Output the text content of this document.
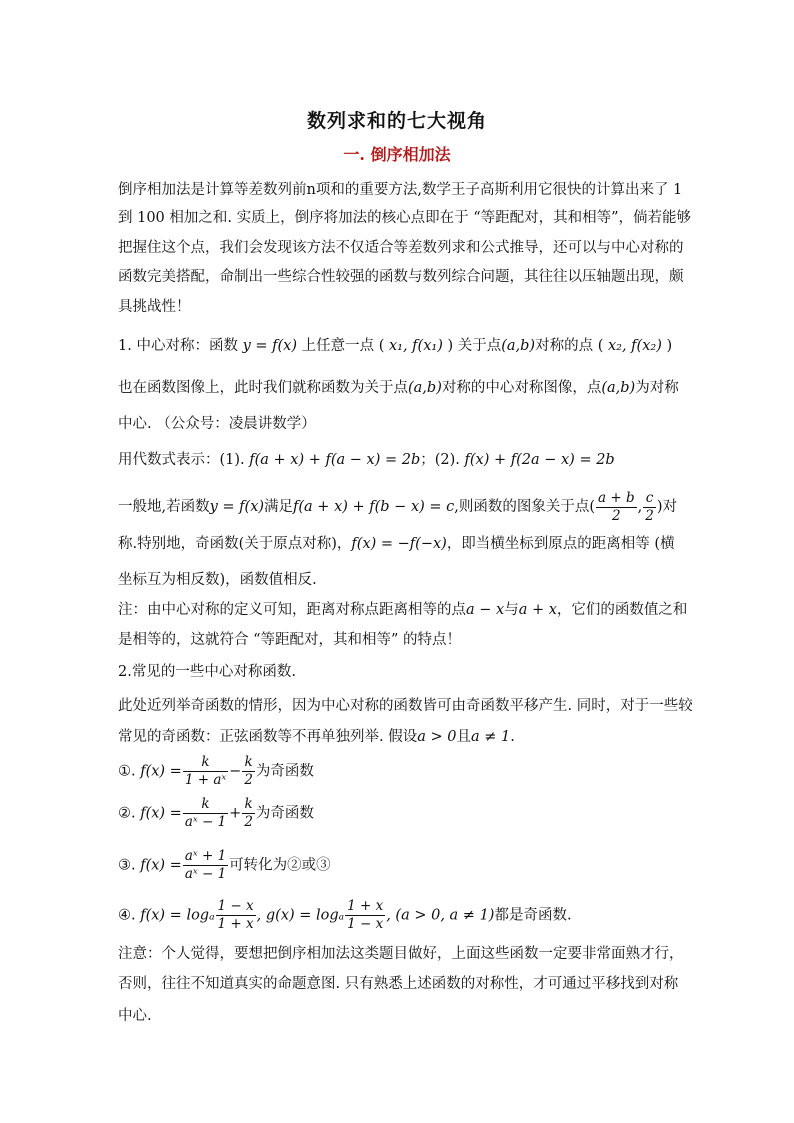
数列求和的七大视角
一. 倒序相加法
倒序相加法是计算等差数列前n项和的重要方法,数学王子高斯利用它很快的计算出来了 1
到 100 相加之和. 实质上，倒序将加法的核心点即在于 “等距配对，其和相等”，倘若能够
把握住这个点，我们会发现该方法不仅适合等差数列求和公式推导，还可以与中心对称的
函数完美搭配，命制出一些综合性较强的函数与数列综合问题，其往往以压轴题出现，颇
具挑战性！
1. 中心对称：函数 y = f(x) 上任意一点 ( x₁, f(x₁) ) 关于点(a,b)对称的点 ( x₂, f(x₂) )
也在函数图像上，此时我们就称函数为关于点(a,b)对称的中心对称图像，点(a,b)为对称
中心. （公众号：凌晨讲数学）
用代数式表示：(1). f(a + x) + f(a − x) = 2b；(2). f(x) + f(2a − x) = 2b
一般地,若函数y = f(x)满足f(a + x) + f(b − x) = c,则函数的图象关于点( $\frac{a + b}{2}$ , $\frac{c}{2}$ )对
称.特别地，奇函数(关于原点对称)，f(x) = −f(−x)，即当横坐标到原点的距离相等 (横
坐标互为相反数)，函数值相反.
注：由中心对称的定义可知，距离对称点距离相等的点a − x与a + x，它们的函数值之和
是相等的，这就符合 “等距配对，其和相等” 的特点！
2.常见的一些中心对称函数.
此处近列举奇函数的情形，因为中心对称的函数皆可由奇函数平移产生. 同时，对于一些较
常见的奇函数：正弦函数等不再单独列举. 假设a > 0且a ≠ 1.
①. $f(x) = \frac{k}{\text{1 + aˣ}} - \frac{k}{2}$ 为奇函数
②. $f(x) = \frac{k}{\text{aˣ − 1}} + \frac{k}{2}$ 为奇函数
③. $f(x) = \frac{\text{aˣ + 1}}{\text{aˣ − 1}}$ 可转化为②或③
④. f(x) = logₐ $\frac{1 - x}{1 + x}$ , g(x) = logₐ $\frac{1 + x}{1 - x}$ , (a > 0, a ≠ 1)都是奇函数.
注意：个人觉得，要想把倒序相加法这类题目做好，上面这些函数一定要非常面熟才行，
否则，往往不知道真实的命题意图. 只有熟悉上述函数的对称性，才可通过平移找到对称
中心.
